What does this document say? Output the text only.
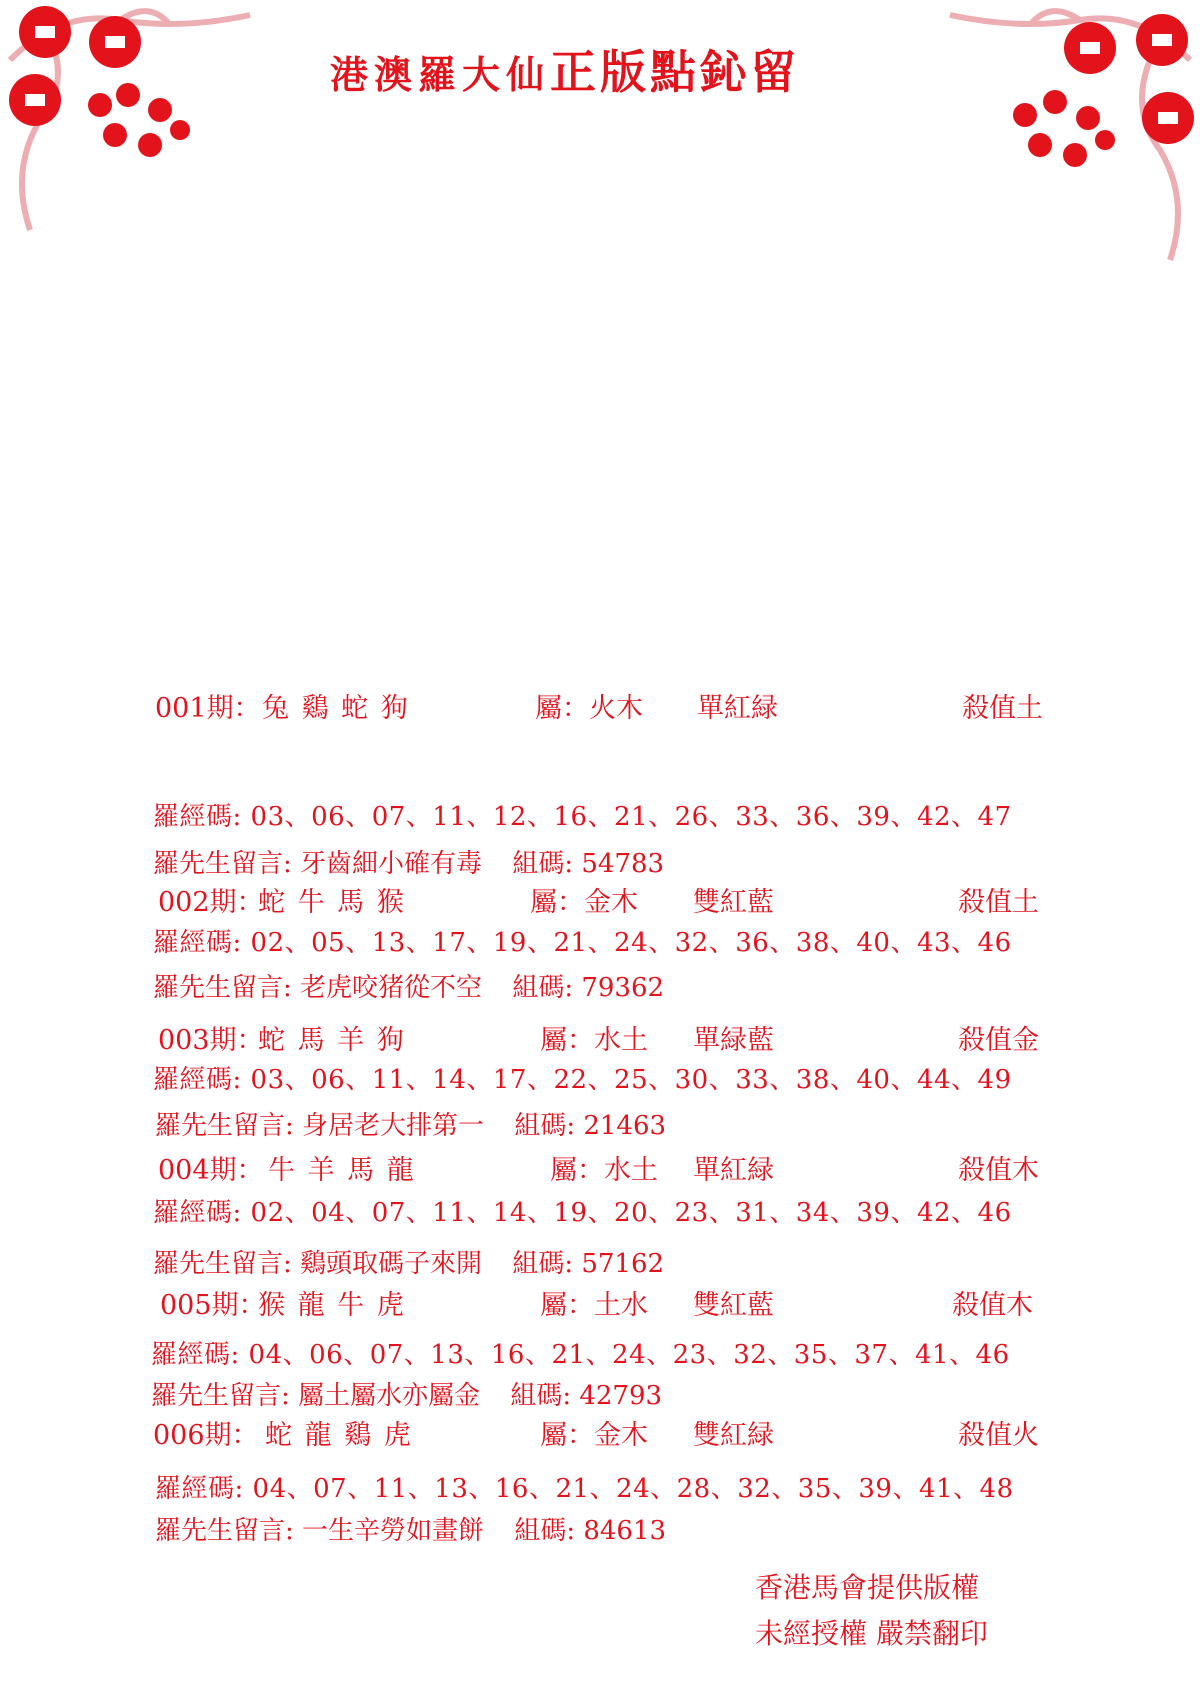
港澳羅大仙正版點鈊留
001期： 兔 鷄 蛇 狗	屬：火木 單紅緑	殺值土
羅經碼: 03、06、07、11、12、16、21、26、33、36、39、42、47
羅先生留言: 牙齒細小確有毒 組碼: 54783
002期：
蛇 牛 馬 猴	屬：金木 雙紅藍	殺值土
羅經碼: 02、05、13、17、19、21、24、32、36、38、40、43、46
羅先生留言: 老虎咬猪從不空 組碼: 79362
003期：
蛇 馬 羊 狗	屬：水土 單緑藍	殺值金
羅經碼: 03、06、11、14、17、22、25、30、33、38、40、44、49
羅先生留言: 身居老大排第一 組碼: 21463
004期： 牛 羊 馬 龍	屬：水土 單紅緑	殺值木
羅經碼: 02、04、07、11、14、19、20、23、31、34、39、42、46
羅先生留言: 鷄頭取碼子來開 組碼: 57162
005期：
猴 龍 牛 虎	屬：土水 雙紅藍	殺值木
羅經碼: 04、06、07、13、16、21、24、23、32、35、37、41、46
羅先生留言: 屬土屬水亦屬金 組碼: 42793
006期： 蛇 龍 鷄 虎	屬：金木 雙紅緑	殺值火
羅經碼: 04、07、11、13、16、21、24、28、32、35、39、41、48
羅先生留言: 一生辛勞如畫餅 組碼: 84613
香港馬會提供版權
未經授權 嚴禁翻印
